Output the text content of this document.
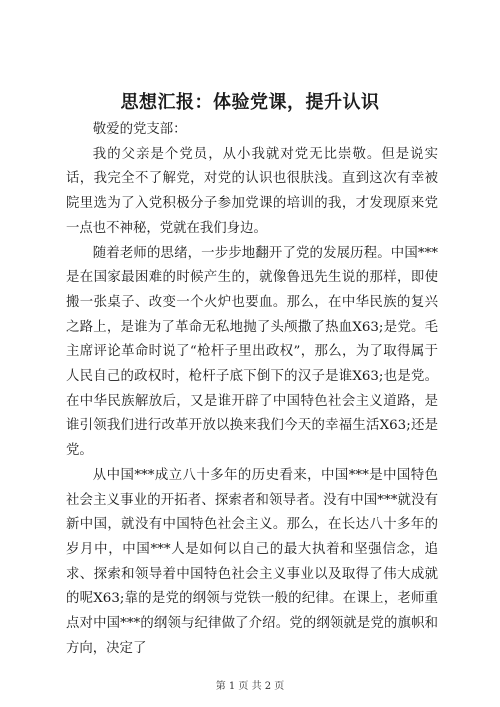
思想汇报：体验党课，提升认识

敬爱的党支部：

我的父亲是个党员，从小我就对党无比崇敬。但是说实话，我完全不了解党，对党的认识也很肤浅。直到这次有幸被院里选为了入党积极分子参加党课的培训的我，才发现原来党一点也不神秘，党就在我们身边。

随着老师的思绪，一步步地翻开了党的发展历程。中国***是在国家最困难的时候产生的，就像鲁迅先生说的那样，即使搬一张桌子、改变一个火炉也要血。那么，在中华民族的复兴之路上，是谁为了革命无私地抛了头颅撒了热血X63;是党。毛主席评论革命时说了“枪杆子里出政权”，那么，为了取得属于人民自己的政权时，枪杆子底下倒下的汉子是谁X63;也是党。在中华民族解放后，又是谁开辟了中国特色社会主义道路，是谁引领我们进行改革开放以换来我们今天的幸福生活X63;还是党。

从中国***成立八十多年的历史看来，中国***是中国特色社会主义事业的开拓者、探索者和领导者。没有中国***就没有新中国，就没有中国特色社会主义。那么，在长达八十多年的岁月中，中国***人是如何以自己的最大执着和坚强信念，追求、探索和领导着中国特色社会主义事业以及取得了伟大成就的呢X63;靠的是党的纲领与党铁一般的纪律。在课上，老师重点对中国***的纲领与纪律做了介绍。党的纲领就是党的旗帜和方向，决定了

第 1 页 共 2 页
